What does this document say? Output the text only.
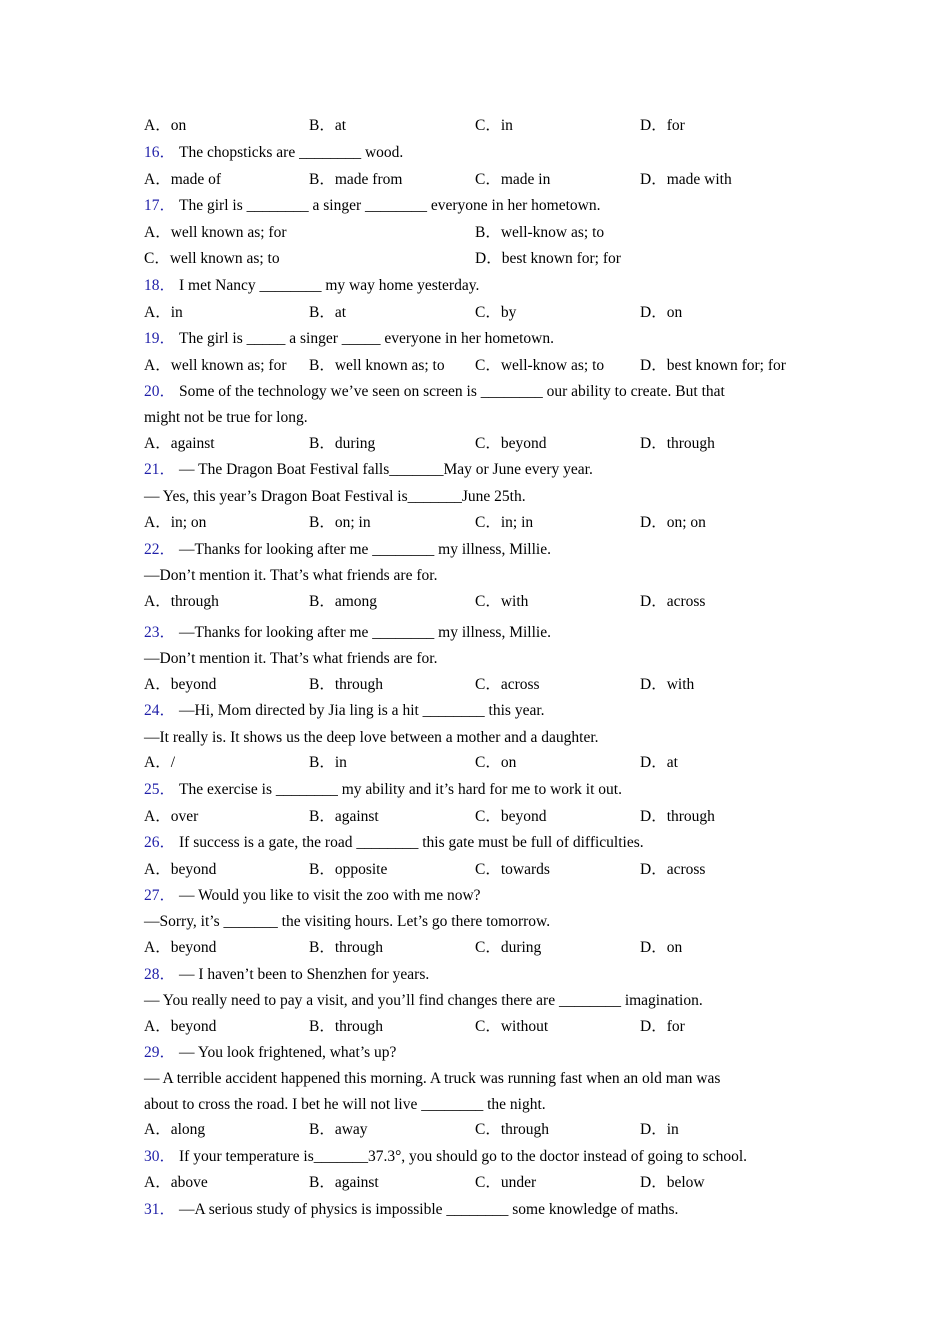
A．on	B．at	C．in	D．for
16． The chopsticks are ________ wood.
A．made of	B．made from	C．made in	D．made with
17． The girl is ________ a singer ________ everyone in her hometown.
A．well known as; for	B．well-know as; to
C．well known as; to	D．best known for; for
18． I met Nancy ________ my way home yesterday.
A．in	B．at	C．by	D．on
19． The girl is _____ a singer _____ everyone in her hometown.
A．well known as; for B．well known as; to C．well-know as; to D．best known for; for
20． Some of the technology we’ve seen on screen is ________ our ability to create. But that
might not be true for long.
A．against	B．during	C．beyond	D．through
21． — The Dragon Boat Festival falls_______May or June every year.
— Yes, this year’s Dragon Boat Festival is_______June 25th.
A．in; on	B．on; in	C．in; in	D．on; on
22． —Thanks for looking after me ________ my illness, Millie.
—Don’t mention it. That’s what friends are for.
A．through	B．among	C．with	D．across
23． —Thanks for looking after me ________ my illness, Millie.
—Don’t mention it. That’s what friends are for.
A．beyond	B．through	C．across	D．with
24． —Hi, Mom directed by Jia ling is a hit ________ this year.
—It really is. It shows us the deep love between a mother and a daughter.
A．/	B．in	C．on	D．at
25． The exercise is ________ my ability and it’s hard for me to work it out.
A．over	B．against	C．beyond	D．through
26． If success is a gate, the road ________ this gate must be full of difficulties.
A．beyond	B．opposite	C．towards	D．across
27． — Would you like to visit the zoo with me now?
—Sorry, it’s _______ the visiting hours. Let’s go there tomorrow.
A．beyond	B．through	C．during	D．on
28． — I haven’t been to Shenzhen for years.
— You really need to pay a visit, and you’ll find changes there are ________ imagination.
A．beyond	B．through	C．without	D．for
29． — You look frightened, what’s up?
— A terrible accident happened this morning. A truck was running fast when an old man was
about to cross the road. I bet he will not live ________ the night.
A．along	B．away	C．through	D．in
30． If your temperature is_______37.3°, you should go to the doctor instead of going to school.
A．above	B．against	C．under	D．below
31． —A serious study of physics is impossible ________ some knowledge of maths.
